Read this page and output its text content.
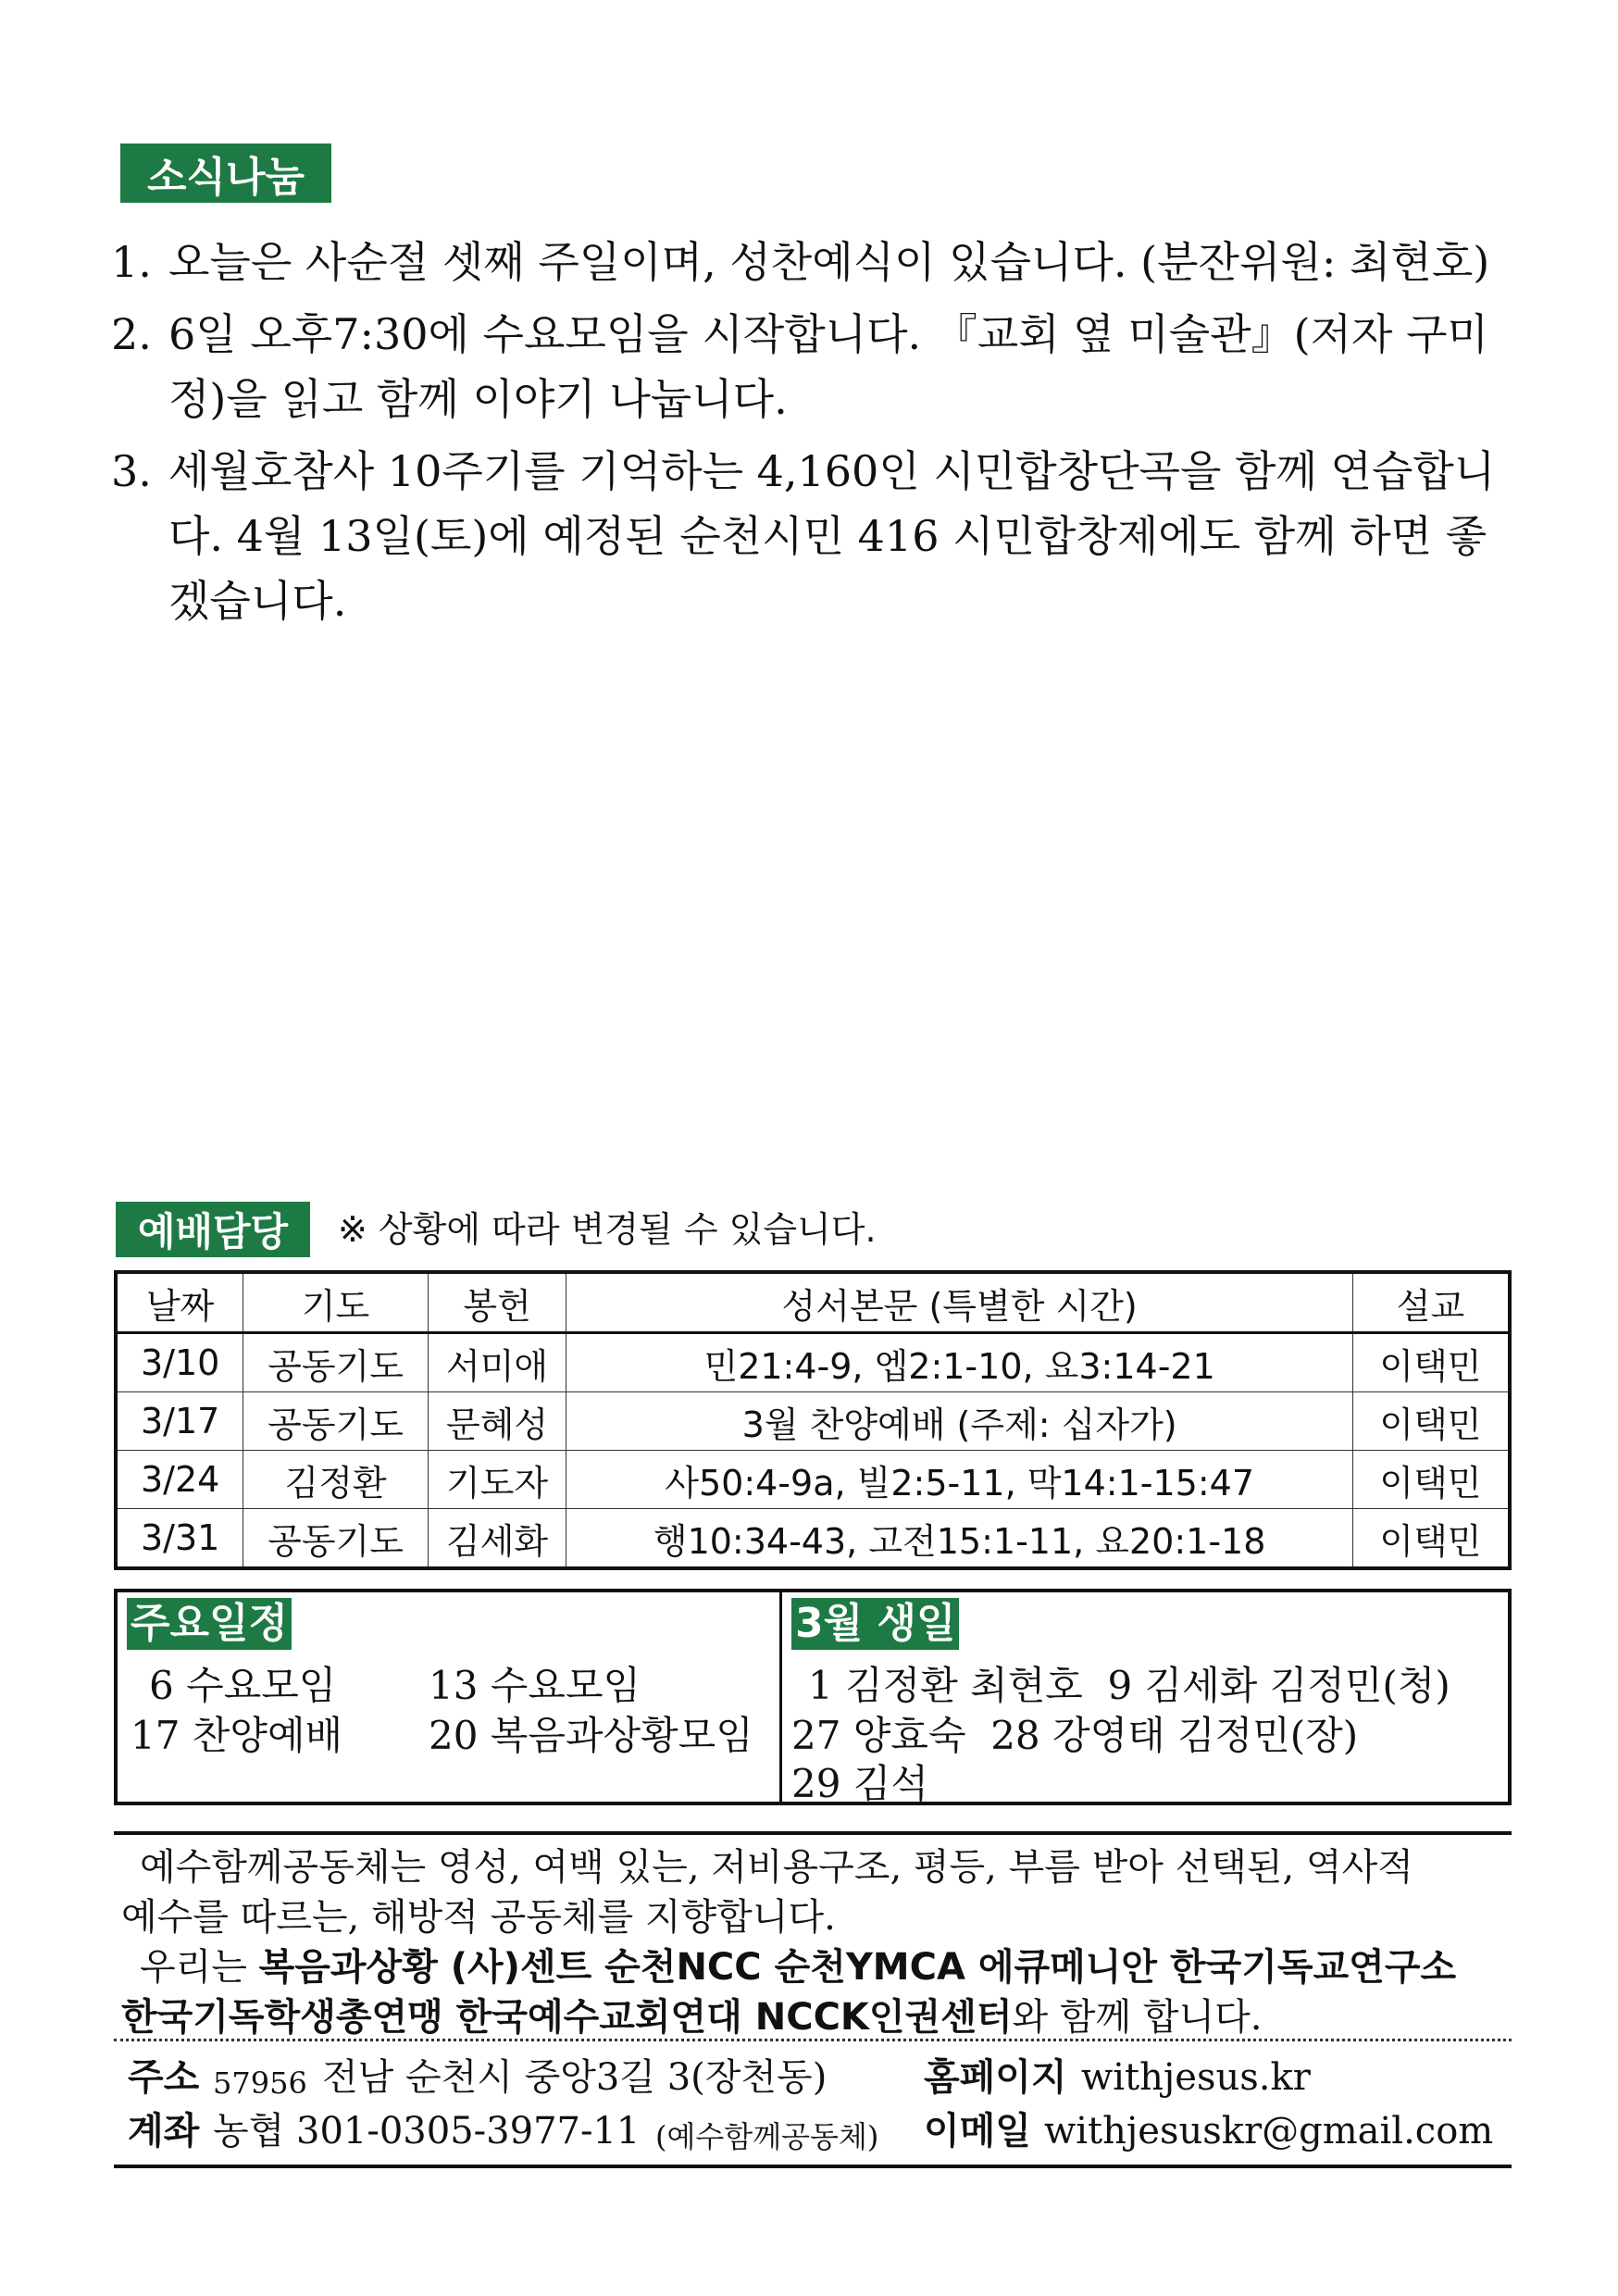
소식나눔
1. 오늘은 사순절 셋째 주일이며, 성찬예식이 있습니다. (분잔위원: 최현호)
2. 6일 오후7:30에 수요모임을 시작합니다. 『교회 옆 미술관』(저자 구미정)을 읽고 함께 이야기 나눕니다.
3. 세월호참사 10주기를 기억하는 4,160인 시민합창단곡을 함께 연습합니다. 4월 13일(토)에 예정된 순천시민 416 시민합창제에도 함께 하면 좋겠습니다.
예배담당	※ 상황에 따라 변경될 수 있습니다.
날짜	기도	봉헌	성서본문 (특별한 시간)	설교
3/10	공동기도	서미애	민21:4-9, 엡2:1-10, 요3:14-21	이택민
3/17	공동기도	문혜성	3월 찬양예배 (주제: 십자가)	이택민
3/24	김정환	기도자	사50:4-9a, 빌2:5-11, 막14:1-15:47	이택민
3/31	공동기도	김세화	행10:34-43, 고전15:1-11, 요20:1-18	이택민
주요일정
6 수요모임 13 수요모임
17 찬양예배 20 복음과상황모임
3월 생일
1 김정환 최현호  9 김세화 김정민(청)
27 양효숙  28 강영태 김정민(장)
29 김석
예수함께공동체는 영성, 여백 있는, 저비용구조, 평등, 부름 받아 선택된, 역사적
예수를 따르는, 해방적 공동체를 지향합니다.
우리는 복음과상황 (사)센트 순천NCC 순천YMCA 에큐메니안 한국기독교연구소
한국기독학생총연맹 한국예수교회연대 NCCK인권센터와 함께 합니다.
주소 57956 전남 순천시 중앙3길 3(장천동)	홈페이지 withjesus.kr
계좌 농협 301-0305-3977-11 (예수함께공동체) 이메일 withjesuskr@gmail.com
